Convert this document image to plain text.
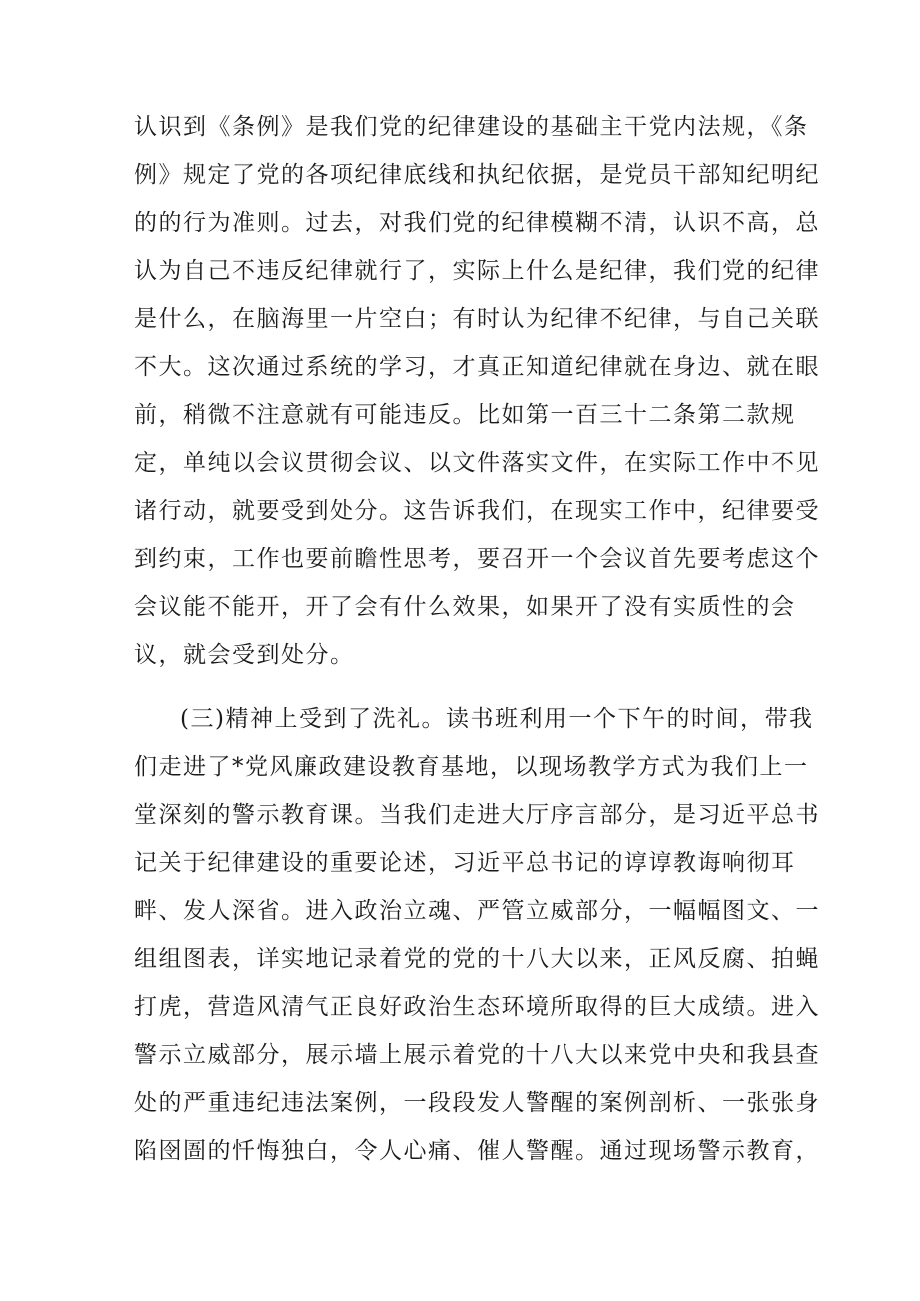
认识到《条例》是我们党的纪律建设的基础主干党内法规，《条
例》规定了党的各项纪律底线和执纪依据，是党员干部知纪明纪
的的行为准则。过去，对我们党的纪律模糊不清，认识不高，总
认为自己不违反纪律就行了，实际上什么是纪律，我们党的纪律
是什么，在脑海里一片空白；有时认为纪律不纪律，与自己关联
不大。这次通过系统的学习，才真正知道纪律就在身边、就在眼
前，稍微不注意就有可能违反。比如第一百三十二条第二款规
定，单纯以会议贯彻会议、以文件落实文件，在实际工作中不见
诸行动，就要受到处分。这告诉我们，在现实工作中，纪律要受
到约束，工作也要前瞻性思考，要召开一个会议首先要考虑这个
会议能不能开，开了会有什么效果，如果开了没有实质性的会
议，就会受到处分。
(三)精神上受到了洗礼。读书班利用一个下午的时间，带我
们走进了*党风廉政建设教育基地，以现场教学方式为我们上一
堂深刻的警示教育课。当我们走进大厅序言部分，是习近平总书
记关于纪律建设的重要论述，习近平总书记的谆谆教诲响彻耳
畔、发人深省。进入政治立魂、严管立威部分，一幅幅图文、一
组组图表，详实地记录着党的党的十八大以来，正风反腐、拍蝇
打虎，营造风清气正良好政治生态环境所取得的巨大成绩。进入
警示立威部分，展示墙上展示着党的十八大以来党中央和我县查
处的严重违纪违法案例，一段段发人警醒的案例剖析、一张张身
陷囹圄的忏悔独白，令人心痛、催人警醒。通过现场警示教育，
